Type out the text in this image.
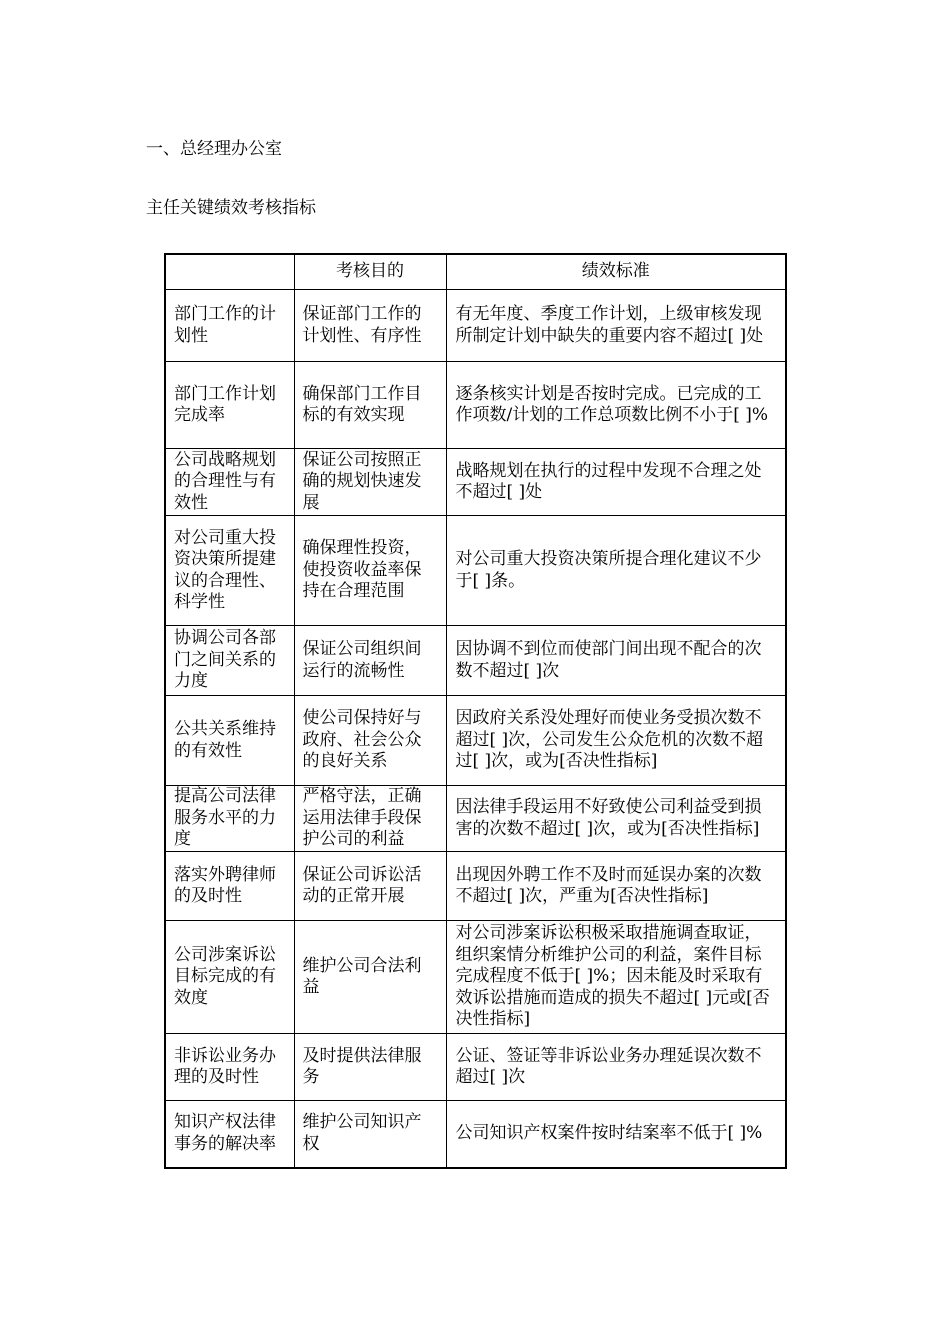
一、总经理办公室
主任关键绩效考核指标
	考核目的	绩效标准
部门工作的计划性	保证部门工作的计划性、有序性	有无年度、季度工作计划，上级审核发现所制定计划中缺失的重要内容不超过[ ]处
部门工作计划完成率	确保部门工作目标的有效实现	逐条核实计划是否按时完成。已完成的工作项数/计划的工作总项数比例不小于[ ]%
公司战略规划的合理性与有效性	保证公司按照正确的规划快速发展	战略规划在执行的过程中发现不合理之处不超过[ ]处
对公司重大投资决策所提建议的合理性、科学性	确保理性投资，使投资收益率保持在合理范围	对公司重大投资决策所提合理化建议不少于[ ]条。
协调公司各部门之间关系的力度	保证公司组织间运行的流畅性	因协调不到位而使部门间出现不配合的次数不超过[ ]次
公共关系维持的有效性	使公司保持好与政府、社会公众的良好关系	因政府关系没处理好而使业务受损次数不超过[ ]次，公司发生公众危机的次数不超过[ ]次，或为[否决性指标]
提高公司法律服务水平的力度	严格守法，正确运用法律手段保护公司的利益	因法律手段运用不好致使公司利益受到损害的次数不超过[ ]次，或为[否决性指标]
落实外聘律师的及时性	保证公司诉讼活动的正常开展	出现因外聘工作不及时而延误办案的次数不超过[ ]次，严重为[否决性指标]
公司涉案诉讼目标完成的有效度	维护公司合法利益	对公司涉案诉讼积极采取措施调查取证，组织案情分析维护公司的利益，案件目标完成程度不低于[ ]%；因未能及时采取有效诉讼措施而造成的损失不超过[ ]元或[否决性指标]
非诉讼业务办理的及时性	及时提供法律服务	公证、签证等非诉讼业务办理延误次数不超过[ ]次
知识产权法律事务的解决率	维护公司知识产权	公司知识产权案件按时结案率不低于[ ]%
